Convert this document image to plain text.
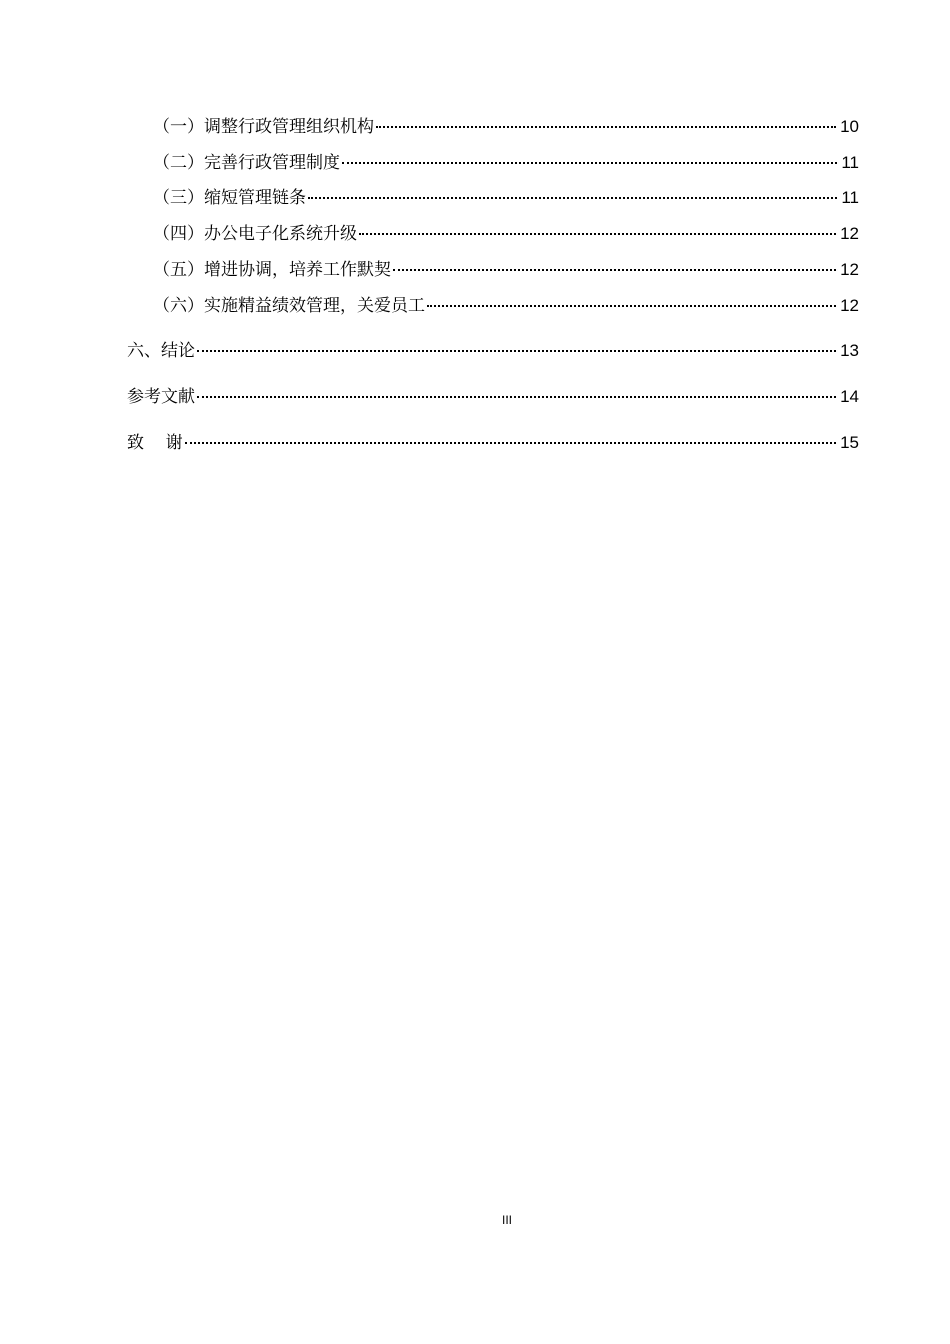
（一）调整行政管理组织机构	10
（二）完善行政管理制度	11
（三）缩短管理链条	11
（四）办公电子化系统升级	12
（五）增进协调，培养工作默契	12
（六）实施精益绩效管理，关爱员工	12
六、结论	13
参考文献	14
致    谢	15
III
